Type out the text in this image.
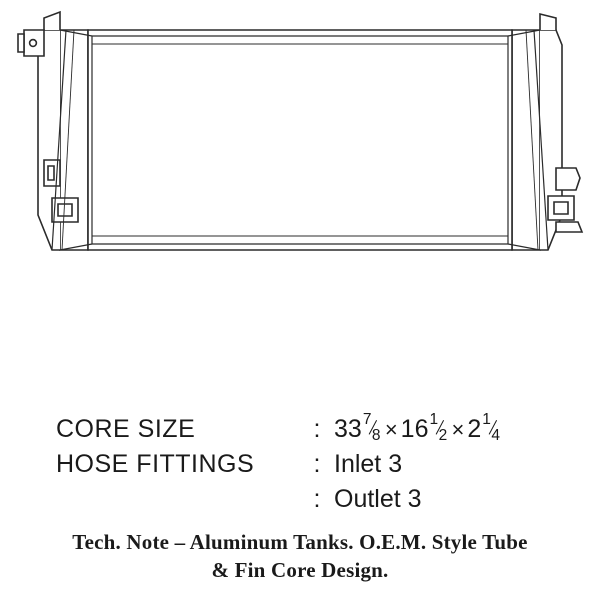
CORE SIZE	:	33 7
8 × 16 1
2 × 2 1
4

HOSE FITTINGS	:	Inlet 3
	:	Outlet 3
Tech. Note – Aluminum Tanks. O.E.M. Style Tube
& Fin Core Design.
